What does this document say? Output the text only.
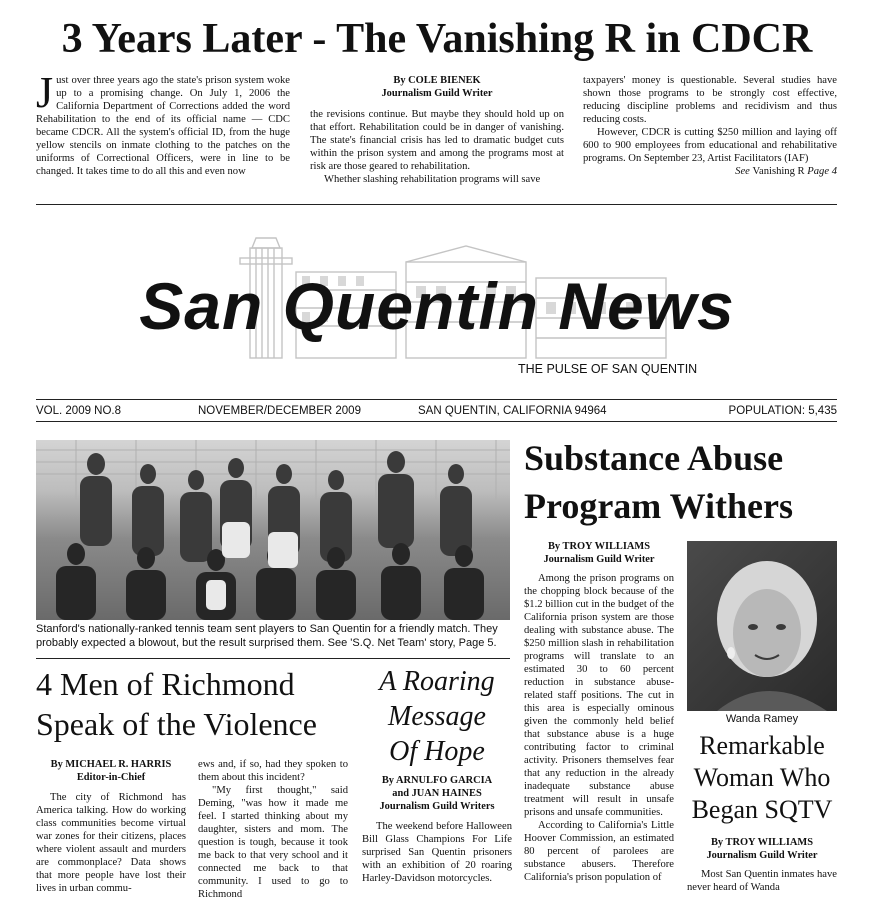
3 Years Later - The Vanishing R in CDCR
J ust over three years ago the state's prison system woke up to a promising change. On July 1, 2006 the California Department of Corrections added the word Rehabilitation to the end of its official name — CDC became CDCR. All the system's official ID, from the huge yellow stencils on inmate clothing to the patches on the uniforms of Correctional Officers, were in line to be changed. It takes time to do all this and even now
By COLE BIENEK
Journalism Guild Writer

the revisions continue. But maybe they should hold up on that effort. Rehabilitation could be in danger of vanishing. The state's financial crisis has led to dramatic budget cuts within the prison system and among the programs most at risk are those geared to rehabilitation.

Whether slashing rehabilitation programs will save

taxpayers' money is questionable. Several studies have shown those programs to be strongly cost effective, reducing discipline problems and recidivism and thus reducing costs.

However, CDCR is cutting $250 million and laying off 600 to 900 employees from educational and rehabilitative programs. On September 23, Artist Facilitators (IAF)

See Vanishing R Page 4
San Quentin News
THE PULSE OF SAN QUENTIN
VOL. 2009 NO.8	NOVEMBER/DECEMBER 2009	SAN QUENTIN, CALIFORNIA 94964	POPULATION: 5,435
Stanford's nationally-ranked tennis team sent players to San Quentin for a friendly match. They probably expected a blowout, but the result surprised them. See 'S.Q. Net Team' story, Page 5.
4 Men of Richmond
Speak of the Violence
By MICHAEL R. HARRIS
Editor-in-Chief

The city of Richmond has America talking. How do working class communities become virtual war zones for their citizens, places where violent assault and murders are commonplace? Data shows that more people have lost their lives in urban commu-

ews and, if so, had they spoken to them about this incident?

"My first thought," said Deming, "was how it made me feel. I started thinking about my daughter, sisters and mom. The question is tough, because it took me back to that very school and it connected me back to that community. I used to go to Richmond

A Roaring
Message
Of Hope
By ARNULFO GARCIA
and JUAN HAINES
Journalism Guild Writers

The weekend before Halloween Bill Glass Champions For Life surprised San Quentin prisoners with an exhibition of 20 roaring Harley-Davidson motorcycles.

Substance Abuse
Program Withers
By TROY WILLIAMS
Journalism Guild Writer

Among the prison programs on the chopping block because of the $1.2 billion cut in the budget of the California prison system are those dealing with substance abuse. The $250 million slash in rehabilitation programs will translate to an estimated 30 to 60 percent reduction in substance abuse-related staff positions. The cut in this area is especially ominous given the commonly held belief that substance abuse is a huge contributing factor to criminal activity. Prisoners themselves fear that any reduction in the already inadequate substance abuse treatment will result in unsafe prisons and unsafe communities.

According to California's Little Hoover Commission, an estimated 80 percent of parolees are substance abusers. Therefore California's prison population of

Wanda Ramey
Remarkable
Woman Who
Began SQTV
By TROY WILLIAMS
Journalism Guild Writer

Most San Quentin inmates have never heard of Wanda
